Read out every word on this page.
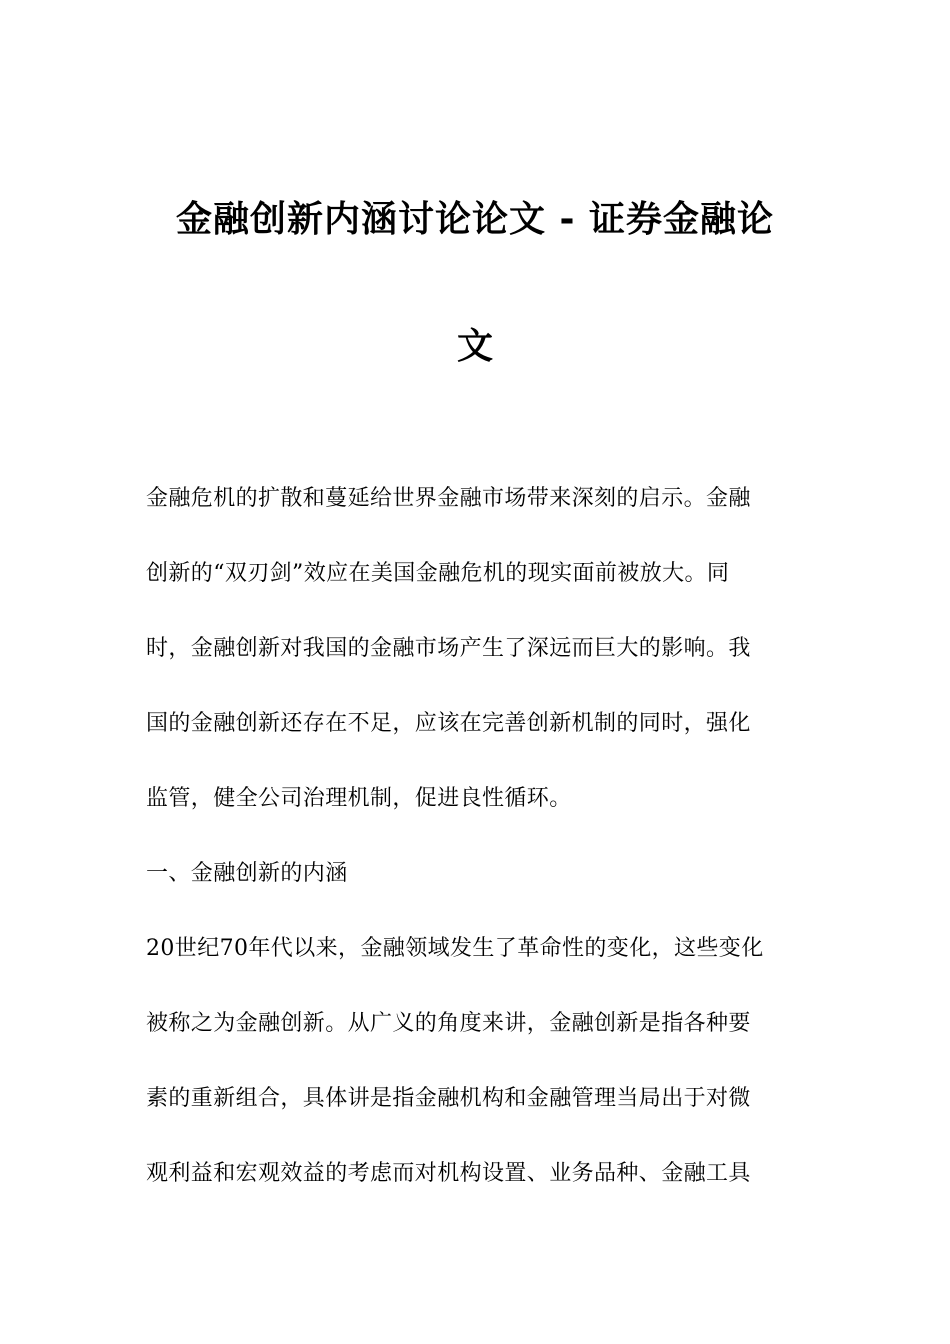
金融创新内涵讨论论文 - 证券金融论
文
金融危机的扩散和蔓延给世界金融市场带来深刻的启示。金融
创新的“双刃剑”效应在美国金融危机的现实面前被放大。同
时，金融创新对我国的金融市场产生了深远而巨大的影响。我
国的金融创新还存在不足，应该在完善创新机制的同时，强化
监管，健全公司治理机制，促进良性循环。
一、金融创新的内涵
20世纪70年代以来，金融领域发生了革命性的变化，这些变化
被称之为金融创新。从广义的角度来讲，金融创新是指各种要
素的重新组合，具体讲是指金融机构和金融管理当局出于对微
观利益和宏观效益的考虑而对机构设置、业务品种、金融工具
